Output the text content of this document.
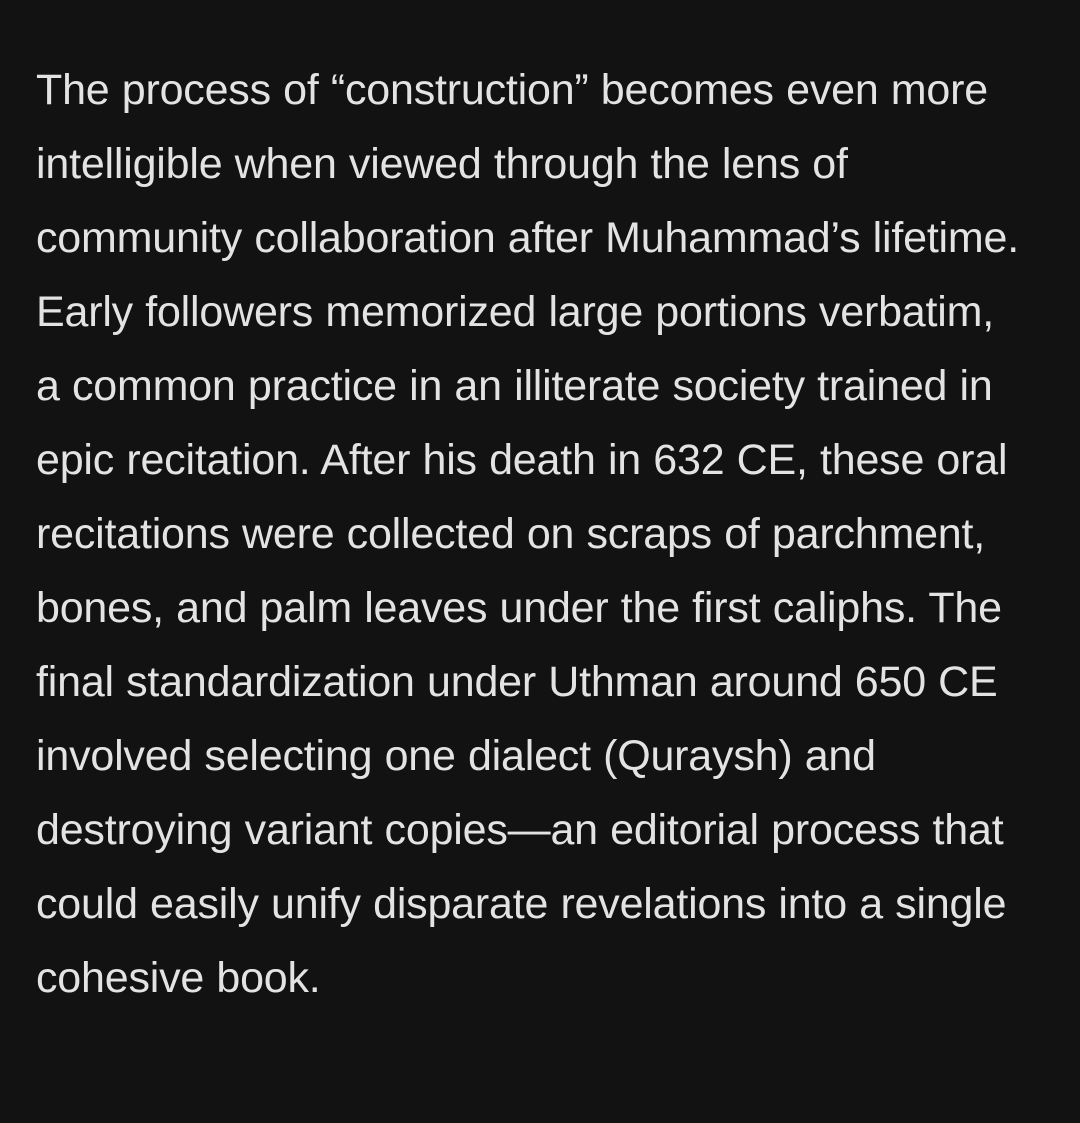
The process of “construction” becomes even more intelligible when viewed through the lens of community collaboration after Muhammad’s lifetime. Early followers memorized large portions verbatim, a common practice in an illiterate society trained in epic recitation. After his death in 632 CE, these oral recitations were collected on scraps of parchment, bones, and palm leaves under the first caliphs. The final standardization under Uthman around 650 CE involved selecting one dialect (Quraysh) and destroying variant copies—an editorial process that could easily unify disparate revelations into a single cohesive book.
